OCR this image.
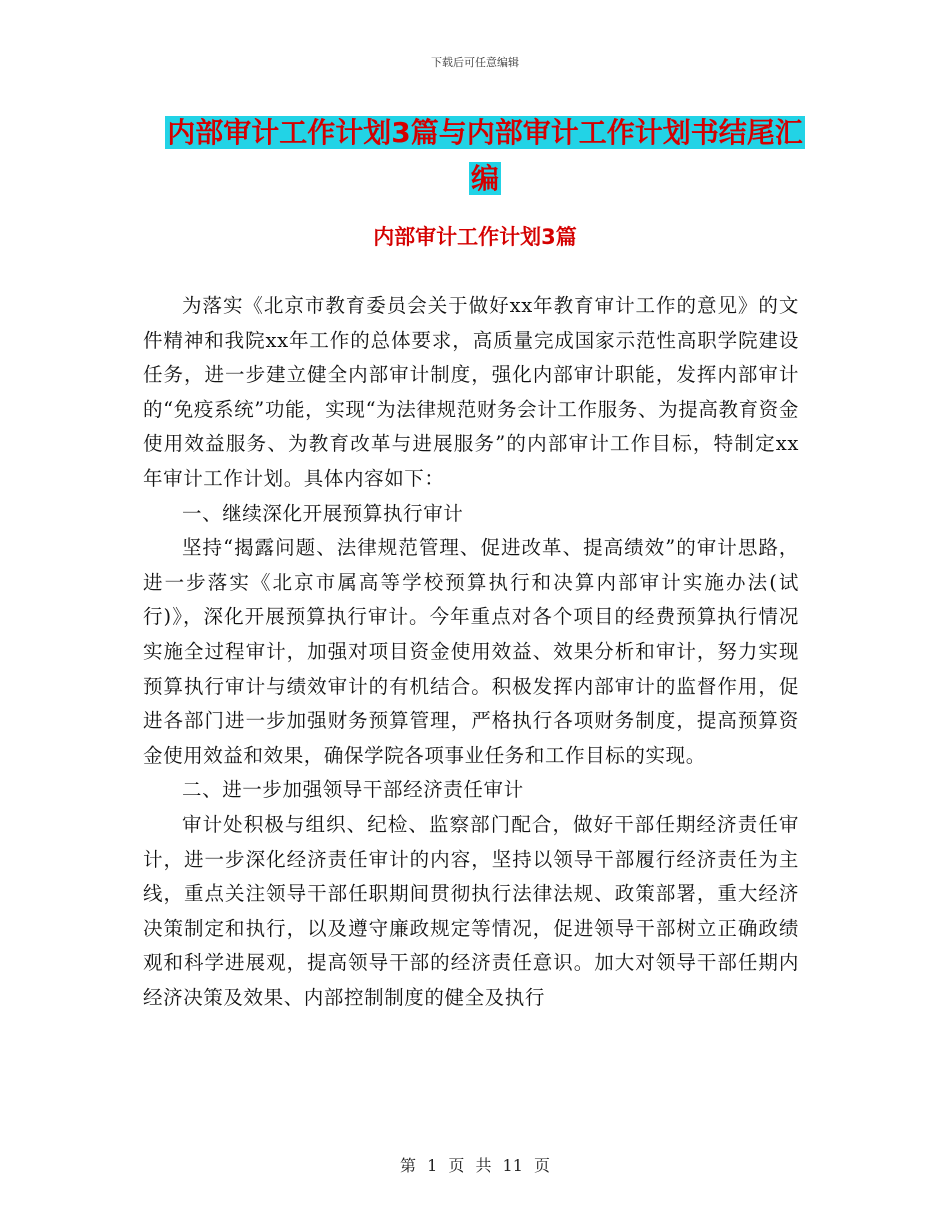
下载后可任意编辑
内部审计工作计划3篇与内部审计工作计划书结尾汇
编
内部审计工作计划3篇

为落实《北京市教育委员会关于做好xx年教育审计工作的意见》的文件精神和我院xx年工作的总体要求，高质量完成国家示范性高职学院建设任务，进一步建立健全内部审计制度，强化内部审计职能，发挥内部审计的“免疫系统”功能，实现“为法律规范财务会计工作服务、为提高教育资金使用效益服务、为教育改革与进展服务”的内部审计工作目标，特制定xx年审计工作计划。具体内容如下：

一、继续深化开展预算执行审计

坚持“揭露问题、法律规范管理、促进改革、提高绩效”的审计思路，进一步落实《北京市属高等学校预算执行和决算内部审计实施办法(试行)》，深化开展预算执行审计。今年重点对各个项目的经费预算执行情况实施全过程审计，加强对项目资金使用效益、效果分析和审计，努力实现预算执行审计与绩效审计的有机结合。积极发挥内部审计的监督作用，促进各部门进一步加强财务预算管理，严格执行各项财务制度，提高预算资金使用效益和效果，确保学院各项事业任务和工作目标的实现。

二、进一步加强领导干部经济责任审计

审计处积极与组织、纪检、监察部门配合，做好干部任期经济责任审计，进一步深化经济责任审计的内容，坚持以领导干部履行经济责任为主线，重点关注领导干部任职期间贯彻执行法律法规、政策部署，重大经济决策制定和执行，以及遵守廉政规定等情况，促进领导干部树立正确政绩观和科学进展观，提高领导干部的经济责任意识。加大对领导干部任期内经济决策及效果、内部控制制度的健全及执行

第 1 页 共 11 页
